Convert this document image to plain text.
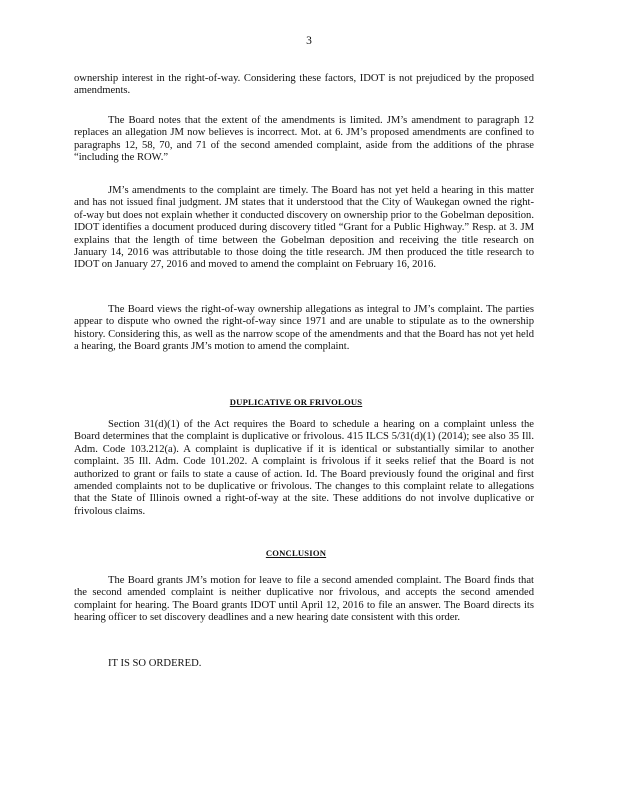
3

ownership interest in the right-of-way. Considering these factors, IDOT is not prejudiced by the proposed amendments.

The Board notes that the extent of the amendments is limited. JM’s amendment to paragraph 12 replaces an allegation JM now believes is incorrect. Mot. at 6. JM’s proposed amendments are confined to paragraphs 12, 58, 70, and 71 of the second amended complaint, aside from the additions of the phrase “including the ROW.”

JM’s amendments to the complaint are timely. The Board has not yet held a hearing in this matter and has not issued final judgment. JM states that it understood that the City of Waukegan owned the right-of-way but does not explain whether it conducted discovery on ownership prior to the Gobelman deposition. IDOT identifies a document produced during discovery titled “Grant for a Public Highway.” Resp. at 3. JM explains that the length of time between the Gobelman deposition and receiving the title research on January 14, 2016 was attributable to those doing the title research. JM then produced the title research to IDOT on January 27, 2016 and moved to amend the complaint on February 16, 2016.

The Board views the right-of-way ownership allegations as integral to JM’s complaint. The parties appear to dispute who owned the right-of-way since 1971 and are unable to stipulate as to the ownership history. Considering this, as well as the narrow scope of the amendments and that the Board has not yet held a hearing, the Board grants JM’s motion to amend the complaint.

DUPLICATIVE OR FRIVOLOUS

Section 31(d)(1) of the Act requires the Board to schedule a hearing on a complaint unless the Board determines that the complaint is duplicative or frivolous. 415 ILCS 5/31(d)(1) (2014); see also 35 Ill. Adm. Code 103.212(a). A complaint is duplicative if it is identical or substantially similar to another complaint. 35 Ill. Adm. Code 101.202. A complaint is frivolous if it seeks relief that the Board is not authorized to grant or fails to state a cause of action. Id. The Board previously found the original and first amended complaints not to be duplicative or frivolous. The changes to this complaint relate to allegations that the State of Illinois owned a right-of-way at the site. These additions do not involve duplicative or frivolous claims.

CONCLUSION

The Board grants JM’s motion for leave to file a second amended complaint. The Board finds that the second amended complaint is neither duplicative nor frivolous, and accepts the second amended complaint for hearing. The Board grants IDOT until April 12, 2016 to file an answer. The Board directs its hearing officer to set discovery deadlines and a new hearing date consistent with this order.

IT IS SO ORDERED.
